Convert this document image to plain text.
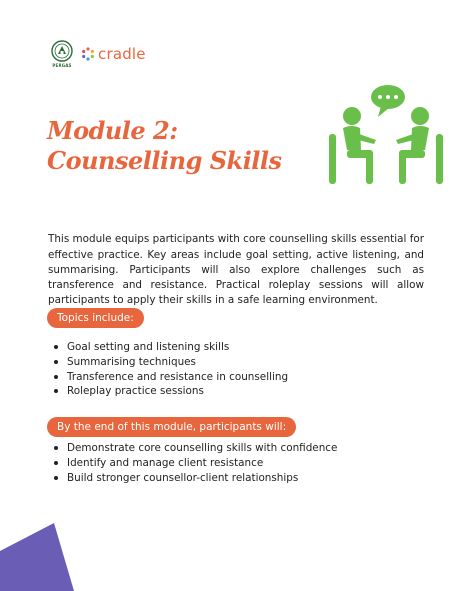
PERGAS
cradle
Module 2:
Counselling Skills

This module equips participants with core counselling skills essential for effective practice. Key areas include goal setting, active listening, and summarising. Participants will also explore challenges such as transference and resistance. Practical roleplay sessions will allow participants to apply their skills in a safe learning environment.

Topics include:
Goal setting and listening skills
Summarising techniques
Transference and resistance in counselling
Roleplay practice sessions
By the end of this module, participants will:
Demonstrate core counselling skills with confidence
Identify and manage client resistance
Build stronger counsellor-client relationships
